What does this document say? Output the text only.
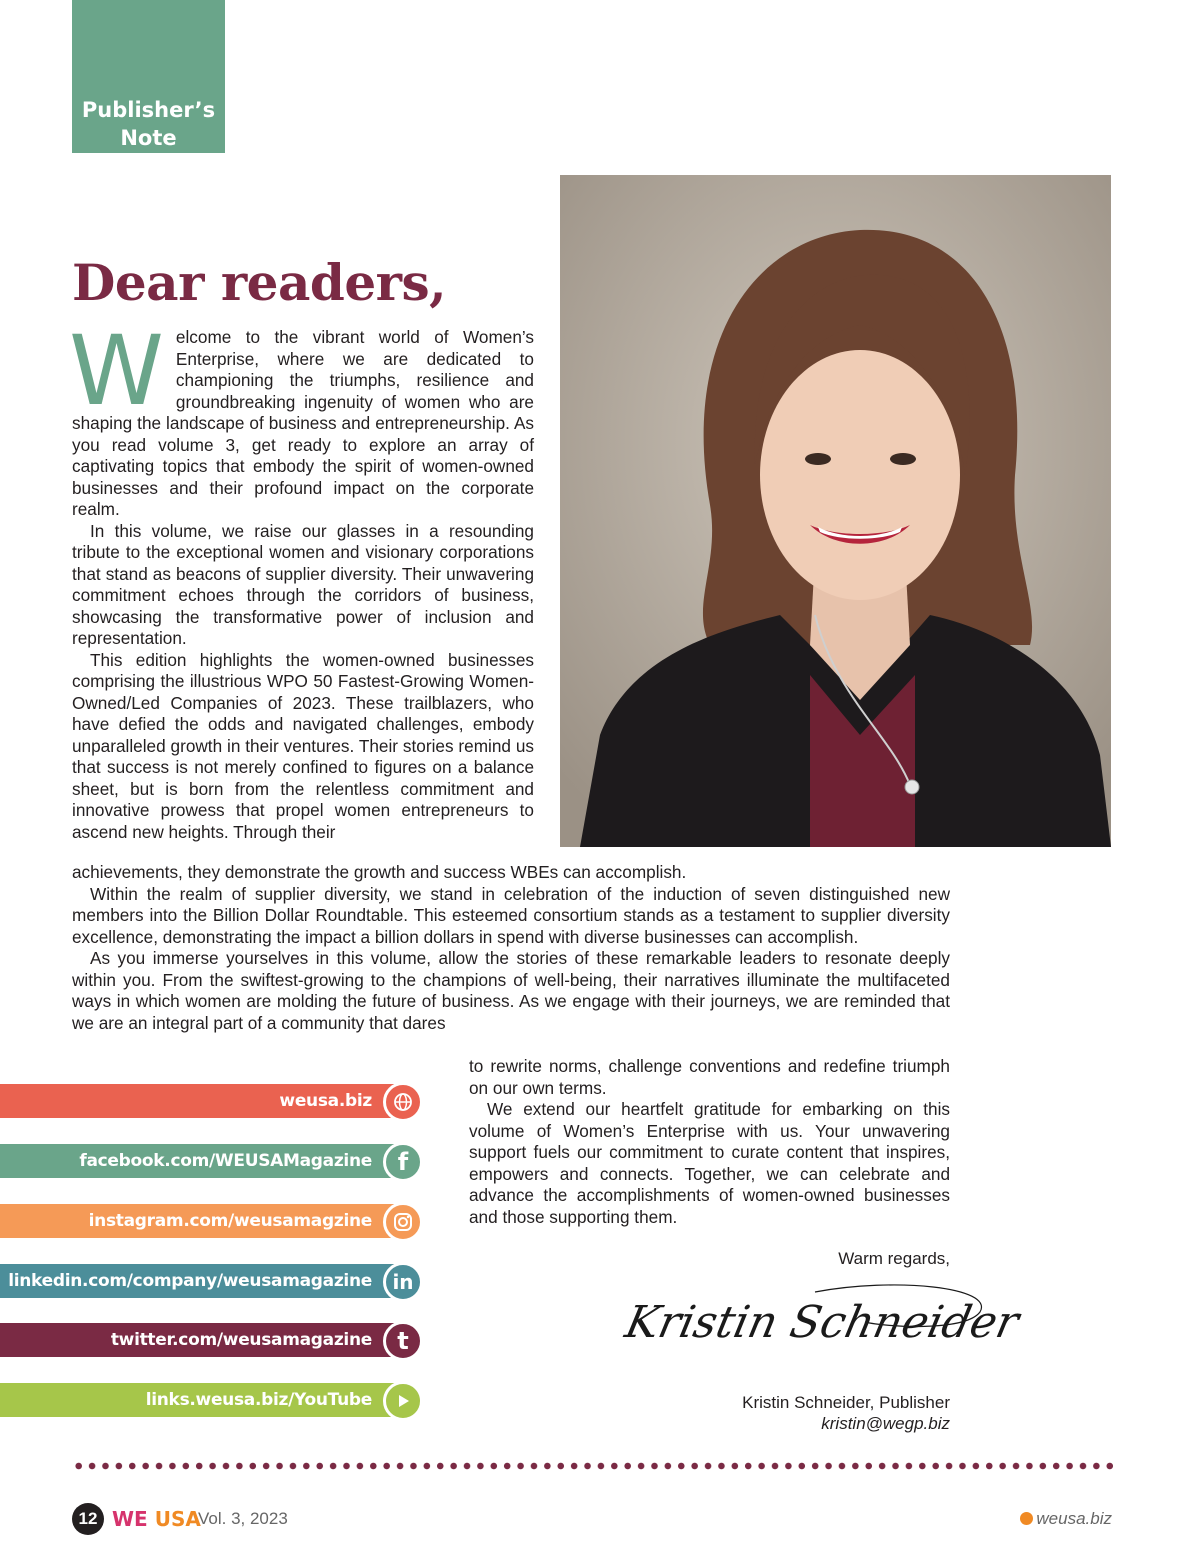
Publisher’s
Note
Dear readers,

Welcome to the vibrant world of Women’s Enterprise, where we are dedicated to championing the triumphs, resilience and groundbreaking ingenuity of women who are shaping the landscape of business and entrepreneurship. As you read volume 3, get ready to explore an array of captivating topics that embody the spirit of women-owned businesses and their profound impact on the corporate realm.

In this volume, we raise our glasses in a resounding tribute to the exceptional women and visionary corporations that stand as beacons of supplier diversity. Their unwavering commitment echoes through the corridors of business, showcasing the transformative power of inclusion and representation.

This edition highlights the women-owned businesses comprising the illustrious WPO 50 Fastest-Growing Women-Owned/Led Companies of 2023. These trailblazers, who have defied the odds and navigated challenges, embody unparalleled growth in their ventures. Their stories remind us that success is not merely confined to figures on a balance sheet, but is born from the relentless commitment and innovative prowess that propel women entrepreneurs to ascend new heights. Through their

achievements, they demonstrate the growth and success WBEs can accomplish.

Within the realm of supplier diversity, we stand in celebration of the induction of seven distinguished new members into the Billion Dollar Roundtable. This esteemed consortium stands as a testament to supplier diversity excellence, demonstrating the impact a billion dollars in spend with diverse businesses can accomplish.

As you immerse yourselves in this volume, allow the stories of these remarkable leaders to resonate deeply within you. From the swiftest-growing to the champions of well-being, their narratives illuminate the multifaceted ways in which women are molding the future of business. As we engage with their journeys, we are reminded that we are an integral part of a community that dares

to rewrite norms, challenge conventions and redefine triumph on our own terms.

We extend our heartfelt gratitude for embarking on this volume of Women’s Enterprise with us. Your unwavering support fuels our commitment to curate content that inspires, empowers and connects. Together, we can celebrate and advance the accomplishments of women-owned businesses and those supporting them.

weusa.biz
facebook.com/WEUSAMagazine	f
instagram.com/weusamagzine
linkedin.com/company/weusamagazine	in
twitter.com/weusamagazine	t
links.weusa.biz/YouTube
Warm regards,
Kristin Schneider
Kristin Schneider, Publisher
kristin@wegp.biz
12 WE USA
Vol. 3, 2023	weusa.biz
